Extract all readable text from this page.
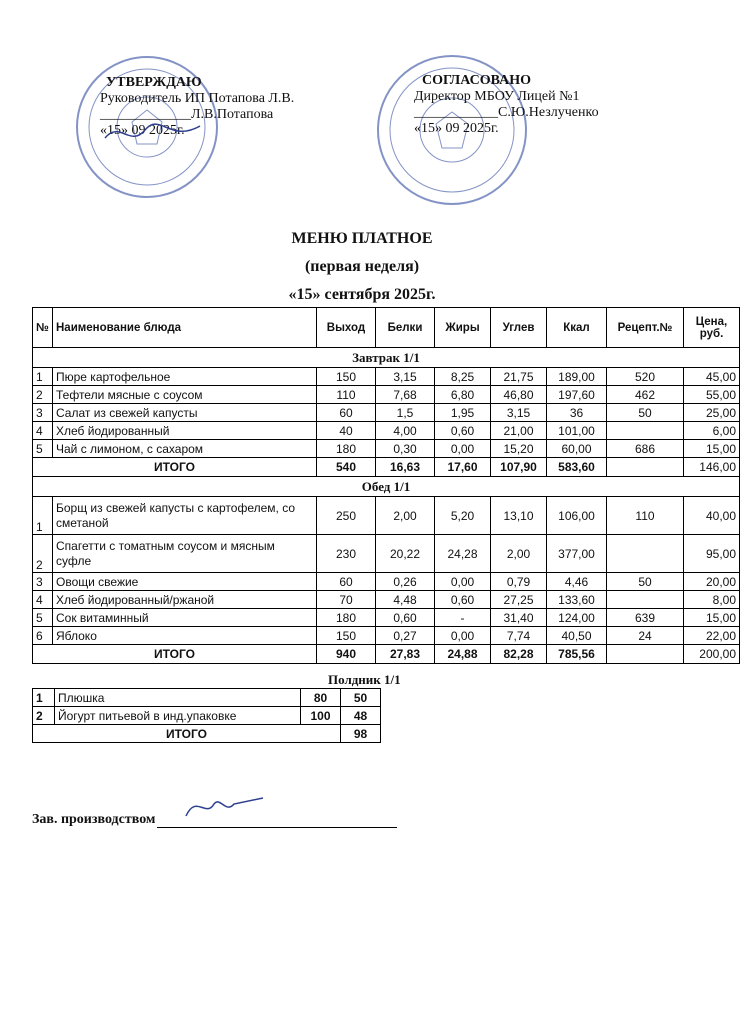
УТВЕРЖДАЮ
Руководитель ИП Потапова Л.В.
_____________Л.В.Потапова
«15» 09 2025г.
СОГЛАСОВАНО
Директор МБОУ Лицей №1
____________С.Ю.Незлученко
«15» 09 2025г.
МЕНЮ ПЛАТНОЕ
(первая неделя)
«15» сентября 2025г.
№	Наименование блюда	Выход	Белки	Жиры	Углев	Ккал	Рецепт.№	Цена, руб.
Завтрак 1/1								
1	Пюре картофельное	150	3,15	8,25	21,75	189,00	520	45,00
2	Тефтели мясные с соусом	110	7,68	6,80	46,80	197,60	462	55,00
3	Салат из свежей капусты	60	1,5	1,95	3,15	36	50	25,00
4	Хлеб йодированный	40	4,00	0,60	21,00	101,00		6,00
5	Чай с лимоном, с сахаром	180	0,30	0,00	15,20	60,00	686	15,00
ИТОГО		540	16,63	17,60	107,90	583,60		146,00
Обед 1/1								
1	Борщ из свежей капусты с картофелем, со сметаной	250	2,00	5,20	13,10	106,00	110	40,00
2	Спагетти с томатным соусом и мясным суфле	230	20,22	24,28	2,00	377,00		95,00
3	Овощи свежие	60	0,26	0,00	0,79	4,46	50	20,00
4	Хлеб йодированный/ржаной	70	4,48	0,60	27,25	133,60		8,00
5	Сок витаминный	180	0,60	-	31,40	124,00	639	15,00
6	Яблоко	150	0,27	0,00	7,74	40,50	24	22,00
ИТОГО		940	27,83	24,88	82,28	785,56		200,00
Полдник 1/1
1	Плюшка	80	50
2	Йогурт питьевой в инд.упаковке	100	48
ИТОГО			98
Зав. производством
